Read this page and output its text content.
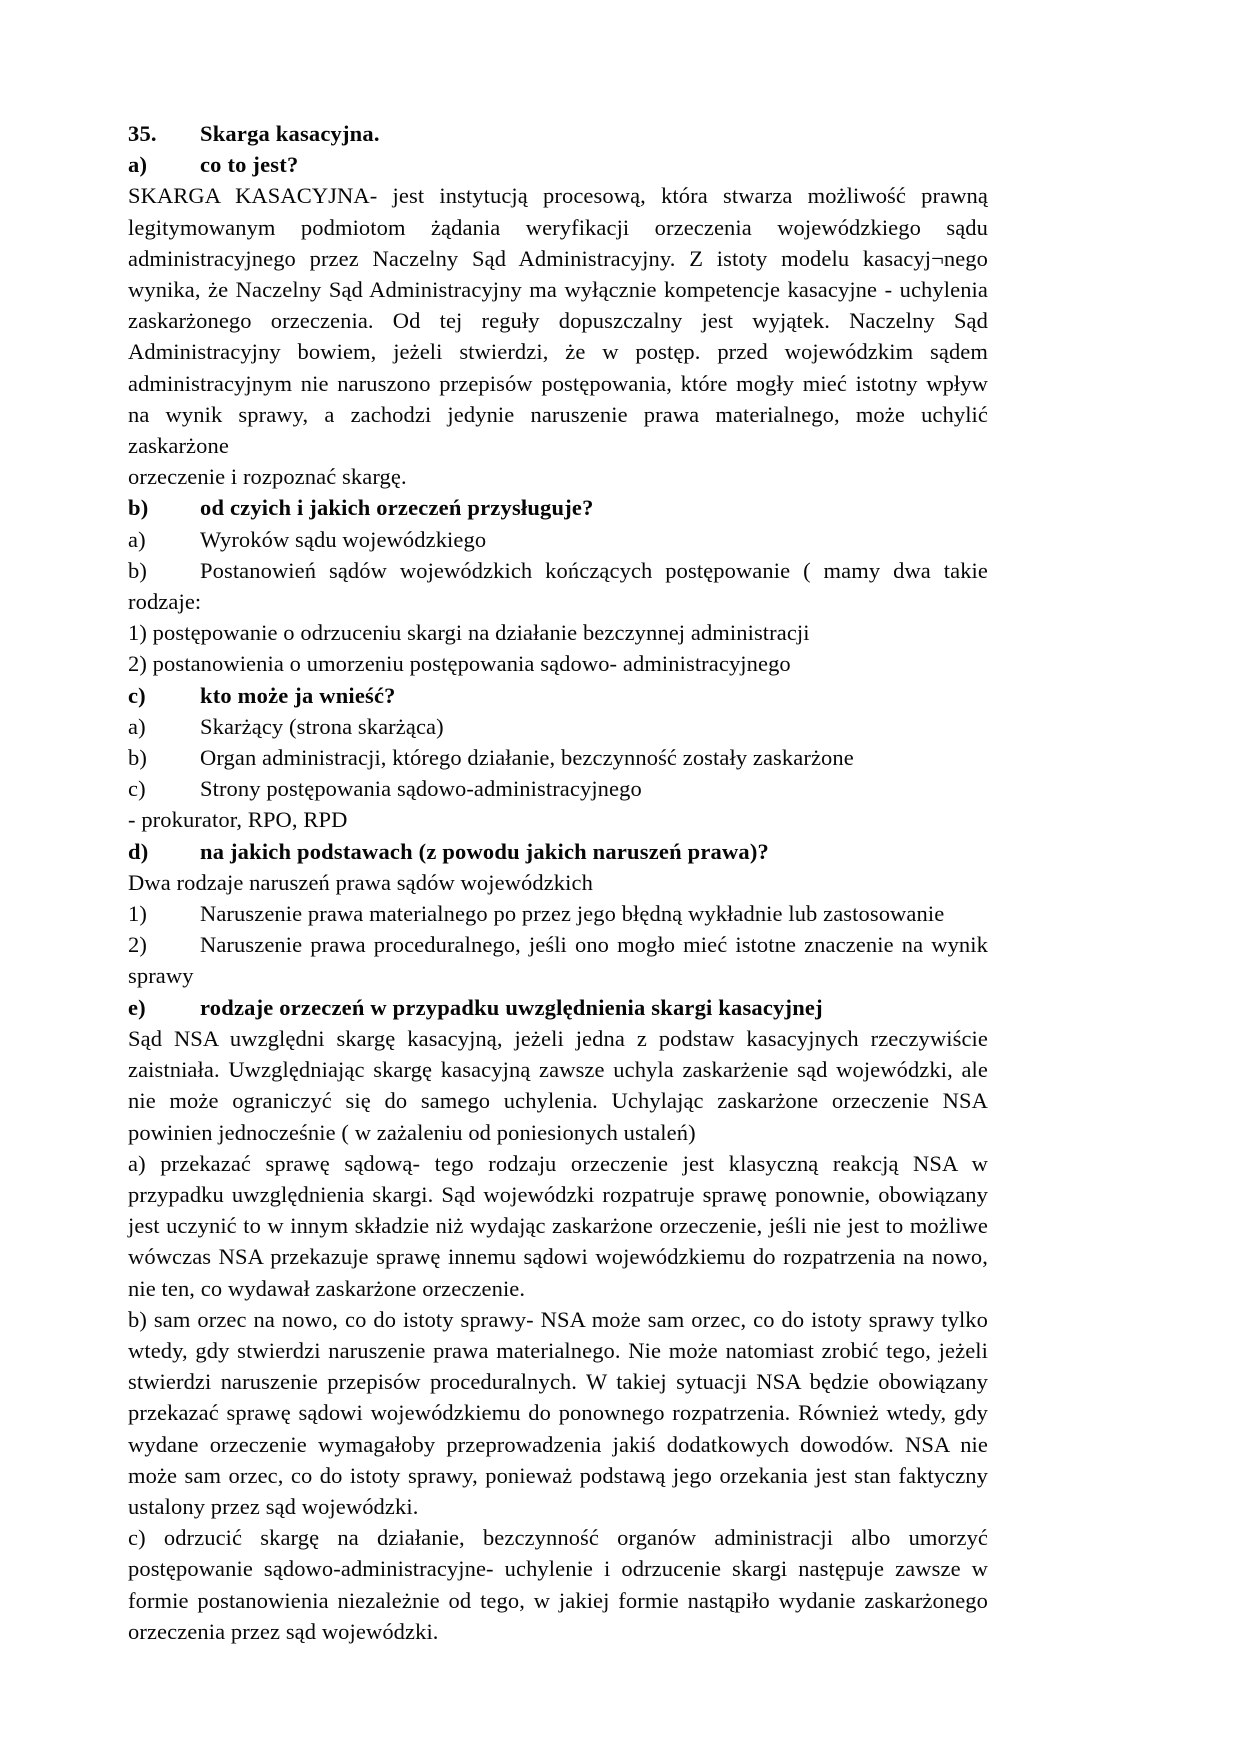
35. Skarga kasacyjna.

a) co to jest?

SKARGA KASACYJNA- jest instytucją procesową, która stwarza możliwość prawną legitymowanym podmiotom żądania weryfikacji orzeczenia wojewódzkiego sądu administracyjnego przez Naczelny Sąd Administracyjny. Z istoty modelu kasacyj¬nego wynika, że Naczelny Sąd Administracyjny ma wyłącznie kompetencje kasacyjne - uchylenia zaskarżonego orzeczenia. Od tej reguły dopuszczalny jest wyjątek. Naczelny Sąd Administracyjny bowiem, jeżeli stwierdzi, że w postęp. przed wojewódzkim sądem administracyjnym nie naruszono przepisów postępowania, które mogły mieć istotny wpływ na wynik sprawy, a zachodzi jedynie naruszenie prawa materialnego, może uchylić zaskarżone

orzeczenie i rozpoznać skargę.

b) od czyich i jakich orzeczeń przysługuje?

a) Wyroków sądu wojewódzkiego

b) Postanowień sądów wojewódzkich kończących postępowanie ( mamy dwa takie rodzaje:

1) postępowanie o odrzuceniu skargi na działanie bezczynnej administracji

2) postanowienia o umorzeniu postępowania sądowo- administracyjnego

c) kto może ja wnieść?

a) Skarżący (strona skarżąca)

b) Organ administracji, którego działanie, bezczynność zostały zaskarżone

c) Strony postępowania sądowo-administracyjnego

- prokurator, RPO, RPD

d) na jakich podstawach (z powodu jakich naruszeń prawa)?

Dwa rodzaje naruszeń prawa sądów wojewódzkich

1) Naruszenie prawa materialnego po przez jego błędną wykładnie lub zastosowanie

2) Naruszenie prawa proceduralnego, jeśli ono mogło mieć istotne znaczenie na wynik sprawy

e) rodzaje orzeczeń w przypadku uwzględnienia skargi kasacyjnej

Sąd NSA uwzględni skargę kasacyjną, jeżeli jedna z podstaw kasacyjnych rzeczywiście zaistniała. Uwzględniając skargę kasacyjną zawsze uchyla zaskarżenie sąd wojewódzki, ale nie może ograniczyć się do samego uchylenia. Uchylając zaskarżone orzeczenie NSA powinien jednocześnie ( w zażaleniu od poniesionych ustaleń)

a) przekazać sprawę sądową- tego rodzaju orzeczenie jest klasyczną reakcją NSA w przypadku uwzględnienia skargi. Sąd wojewódzki rozpatruje sprawę ponownie, obowiązany jest uczynić to w innym składzie niż wydając zaskarżone orzeczenie, jeśli nie jest to możliwe wówczas NSA przekazuje sprawę innemu sądowi wojewódzkiemu do rozpatrzenia na nowo, nie ten, co wydawał zaskarżone orzeczenie.

b) sam orzec na nowo, co do istoty sprawy- NSA może sam orzec, co do istoty sprawy tylko wtedy, gdy stwierdzi naruszenie prawa materialnego. Nie może natomiast zrobić tego, jeżeli stwierdzi naruszenie przepisów proceduralnych. W takiej sytuacji NSA będzie obowiązany przekazać sprawę sądowi wojewódzkiemu do ponownego rozpatrzenia. Również wtedy, gdy wydane orzeczenie wymagałoby przeprowadzenia jakiś dodatkowych dowodów. NSA nie może sam orzec, co do istoty sprawy, ponieważ podstawą jego orzekania jest stan faktyczny ustalony przez sąd wojewódzki.

c) odrzucić skargę na działanie, bezczynność organów administracji albo umorzyć postępowanie sądowo-administracyjne- uchylenie i odrzucenie skargi następuje zawsze w formie postanowienia niezależnie od tego, w jakiej formie nastąpiło wydanie zaskarżonego orzeczenia przez sąd wojewódzki.
